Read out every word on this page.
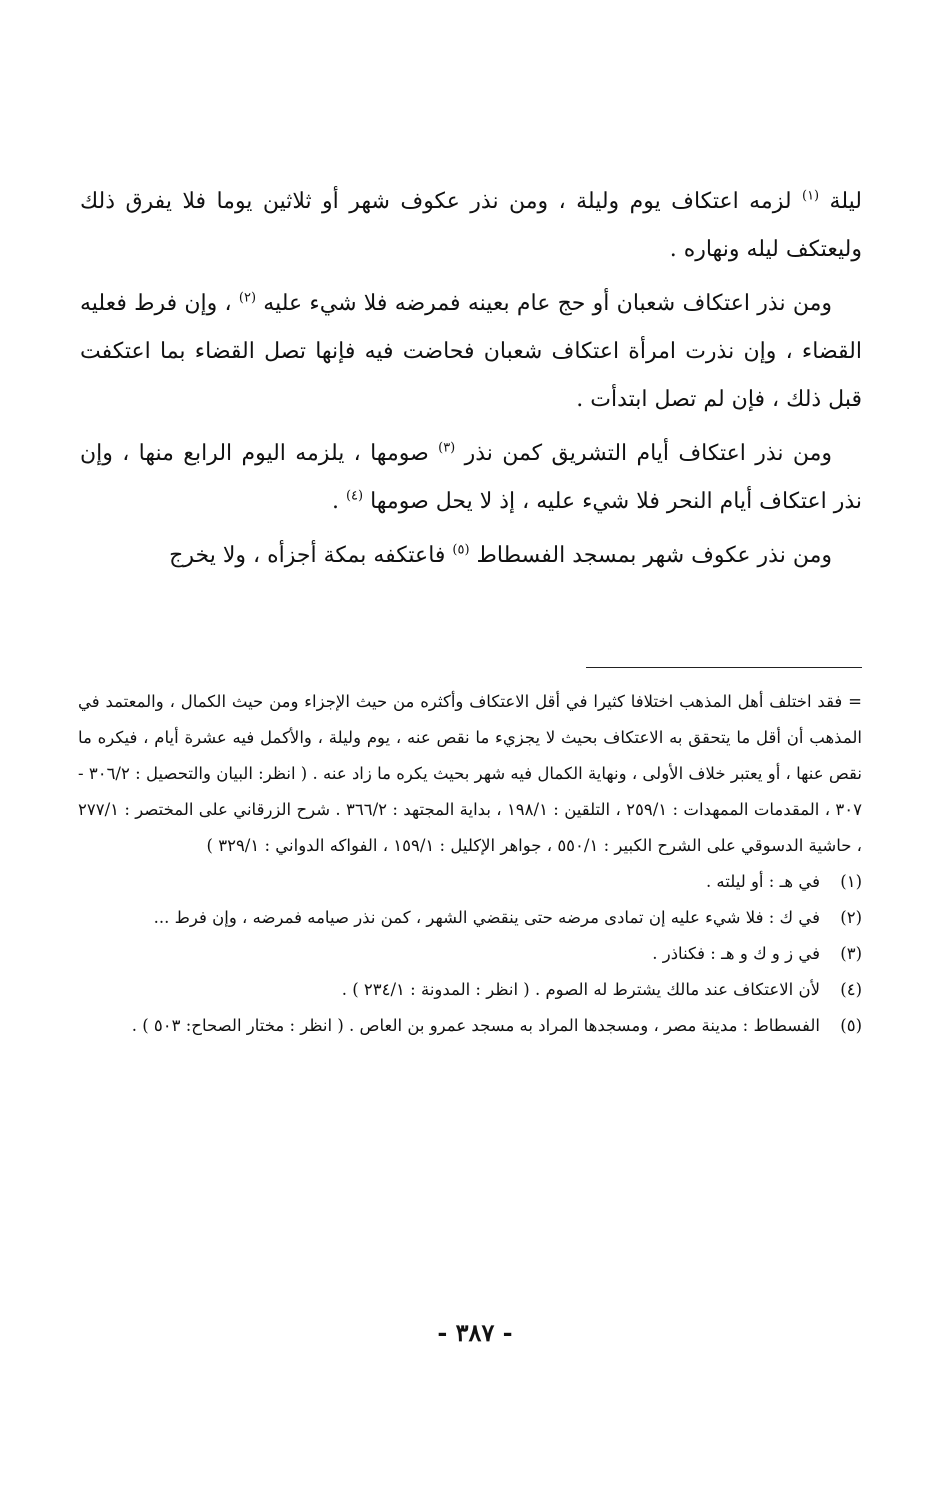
ليلة $^{(١)}$ لزمه اعتكاف يوم وليلة ، ومن نذر عكوف شهر أو ثلاثين يوما فلا يفرق ذلك وليعتكف ليله ونهاره .

ومن نذر اعتكاف شعبان أو حج عام بعينه فمرضه فلا شيء عليه $^{(٢)}$ ، وإن فرط فعليه القضاء ، وإن نذرت امرأة اعتكاف شعبان فحاضت فيه فإنها تصل القضاء بما اعتكفت قبل ذلك ، فإن لم تصل ابتدأت .

ومن نذر اعتكاف أيام التشريق كمن نذر $^{(٣)}$ صومها ، يلزمه اليوم الرابع منها ، وإن نذر اعتكاف أيام النحر فلا شيء عليه ، إذ لا يحل صومها $^{(٤)}$ .

ومن نذر عكوف شهر بمسجد الفسطاط $^{(٥)}$ فاعتكفه بمكة أجزأه ، ولا يخرج

= فقد اختلف أهل المذهب اختلافا كثيرا في أقل الاعتكاف وأكثره من حيث الإجزاء ومن حيث الكمال ، والمعتمد في المذهب أن أقل ما يتحقق به الاعتكاف بحيث لا يجزيء ما نقص عنه ، يوم وليلة ، والأكمل فيه عشرة أيام ، فيكره ما نقص عنها ، أو يعتبر خلاف الأولى ، ونهاية الكمال فيه شهر بحيث يكره ما زاد عنه . ( انظر: البيان والتحصيل : ٣٠٦/٢ - ٣٠٧ ، المقدمات الممهدات : ٢٥٩/١ ، التلقين : ١٩٨/١ ، بداية المجتهد : ٣٦٦/٢ . شرح الزرقاني على المختصر : ٢٧٧/١ ، حاشية الدسوقي على الشرح الكبير : ٥٥٠/١ ، جواهر الإكليل : ١٥٩/١ ، الفواكه الدواني : ٣٢٩/١ )

(١)
في هـ : أو ليلته .
(٢)
في ك : فلا شيء عليه إن تمادى مرضه حتى ينقضي الشهر ، كمن نذر صيامه فمرضه ، وإن فرط ...
(٣)
في ز و ك و هـ : فكناذر .
(٤)
لأن الاعتكاف عند مالك يشترط له الصوم . ( انظر : المدونة : ٢٣٤/١ ) .
(٥)
الفسطاط : مدينة مصر ، ومسجدها المراد به مسجد عمرو بن العاص . ( انظر : مختار الصحاح: ٥٠٣ ) .
- ٣٨٧ -
